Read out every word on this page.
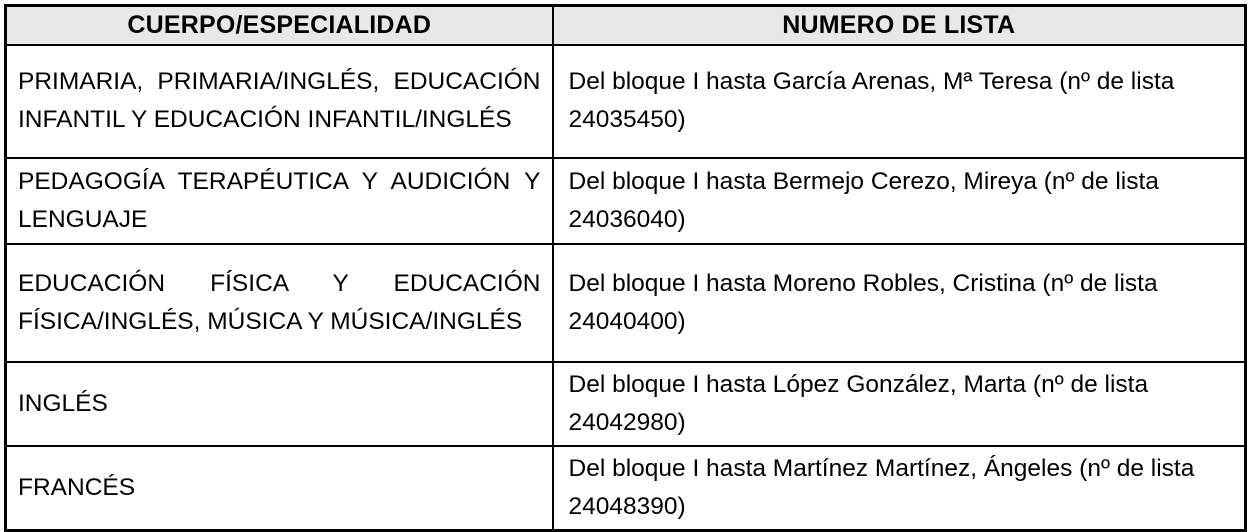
CUERPO/ESPECIALIDAD	NUMERO DE LISTA
PRIMARIA, PRIMARIA/INGLÉS, EDUCACIÓN INFANTIL Y EDUCACIÓN INFANTIL/INGLÉS	Del bloque I hasta García Arenas, Mª Teresa (nº de lista 24035450)
PEDAGOGÍA TERAPÉUTICA Y AUDICIÓN Y LENGUAJE	Del bloque I hasta Bermejo Cerezo, Mireya (nº de lista 24036040)
EDUCACIÓN FÍSICA Y EDUCACIÓN FÍSICA/INGLÉS, MÚSICA Y MÚSICA/INGLÉS	Del bloque I hasta Moreno Robles, Cristina (nº de lista 24040400)
INGLÉS	Del bloque I hasta López González, Marta (nº de lista 24042980)
FRANCÉS	Del bloque I hasta Martínez Martínez, Ángeles (nº de lista 24048390)
